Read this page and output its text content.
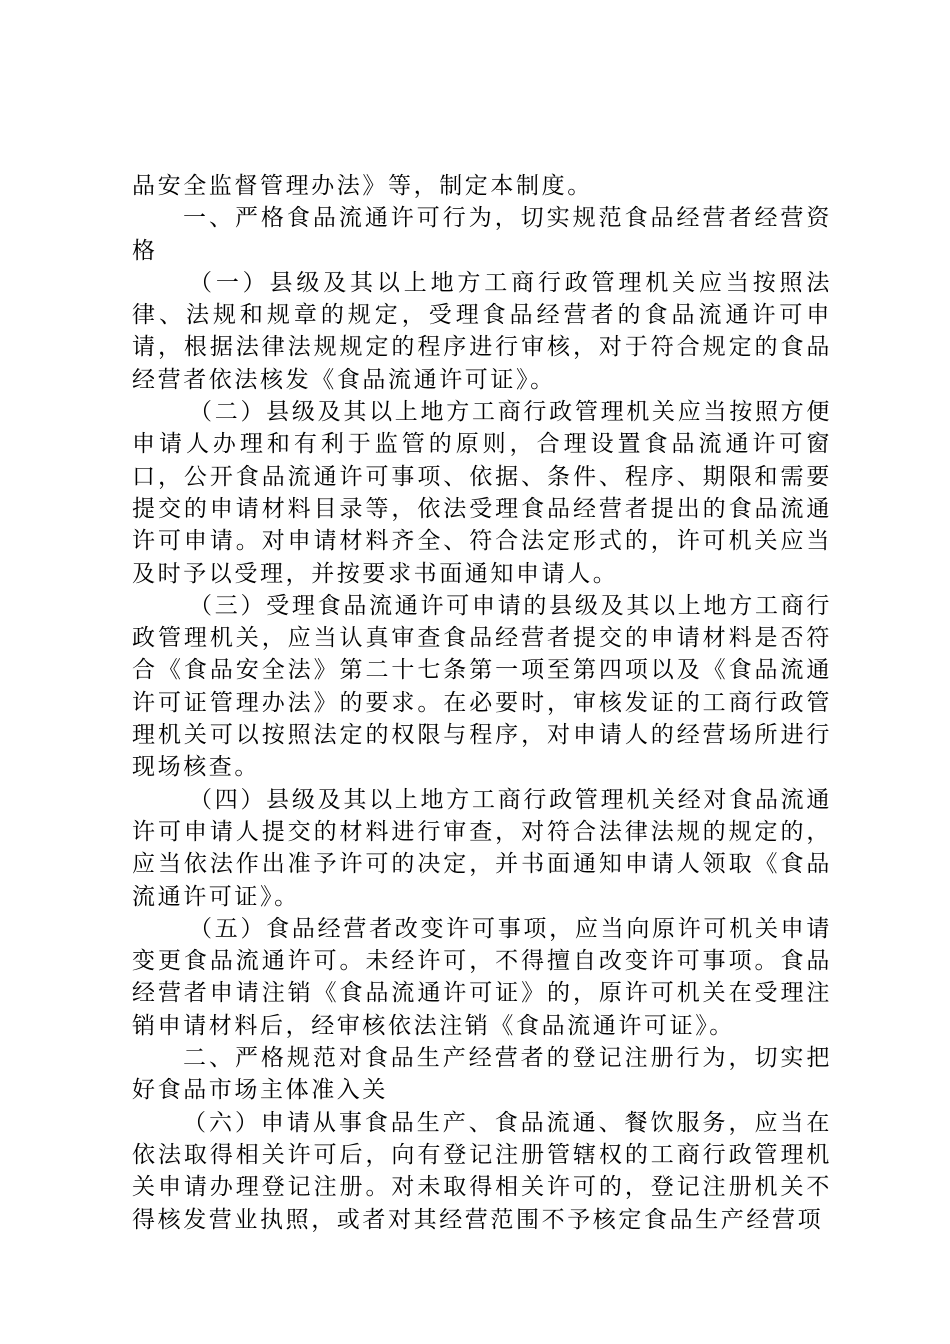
品安全监督管理办法》等，制定本制度。

一、严格食品流通许可行为，切实规范食品经营者经营资格

（一）县级及其以上地方工商行政管理机关应当按照法律、法规和规章的规定，受理食品经营者的食品流通许可申请，根据法律法规规定的程序进行审核，对于符合规定的食品经营者依法核发《食品流通许可证》。

（二）县级及其以上地方工商行政管理机关应当按照方便申请人办理和有利于监管的原则，合理设置食品流通许可窗口，公开食品流通许可事项、依据、条件、程序、期限和需要提交的申请材料目录等，依法受理食品经营者提出的食品流通许可申请。对申请材料齐全、符合法定形式的，许可机关应当及时予以受理，并按要求书面通知申请人。

（三）受理食品流通许可申请的县级及其以上地方工商行政管理机关，应当认真审查食品经营者提交的申请材料是否符合《食品安全法》第二十七条第一项至第四项以及《食品流通许可证管理办法》的要求。在必要时，审核发证的工商行政管理机关可以按照法定的权限与程序，对申请人的经营场所进行现场核查。

（四）县级及其以上地方工商行政管理机关经对食品流通许可申请人提交的材料进行审查，对符合法律法规的规定的，应当依法作出准予许可的决定，并书面通知申请人领取《食品流通许可证》。

（五）食品经营者改变许可事项，应当向原许可机关申请变更食品流通许可。未经许可，不得擅自改变许可事项。食品经营者申请注销《食品流通许可证》的，原许可机关在受理注销申请材料后，经审核依法注销《食品流通许可证》。

二、严格规范对食品生产经营者的登记注册行为，切实把好食品市场主体准入关

（六）申请从事食品生产、食品流通、餐饮服务，应当在依法取得相关许可后，向有登记注册管辖权的工商行政管理机关申请办理登记注册。对未取得相关许可的，登记注册机关不得核发营业执照，或者对其经营范围不予核定食品生产经营项
